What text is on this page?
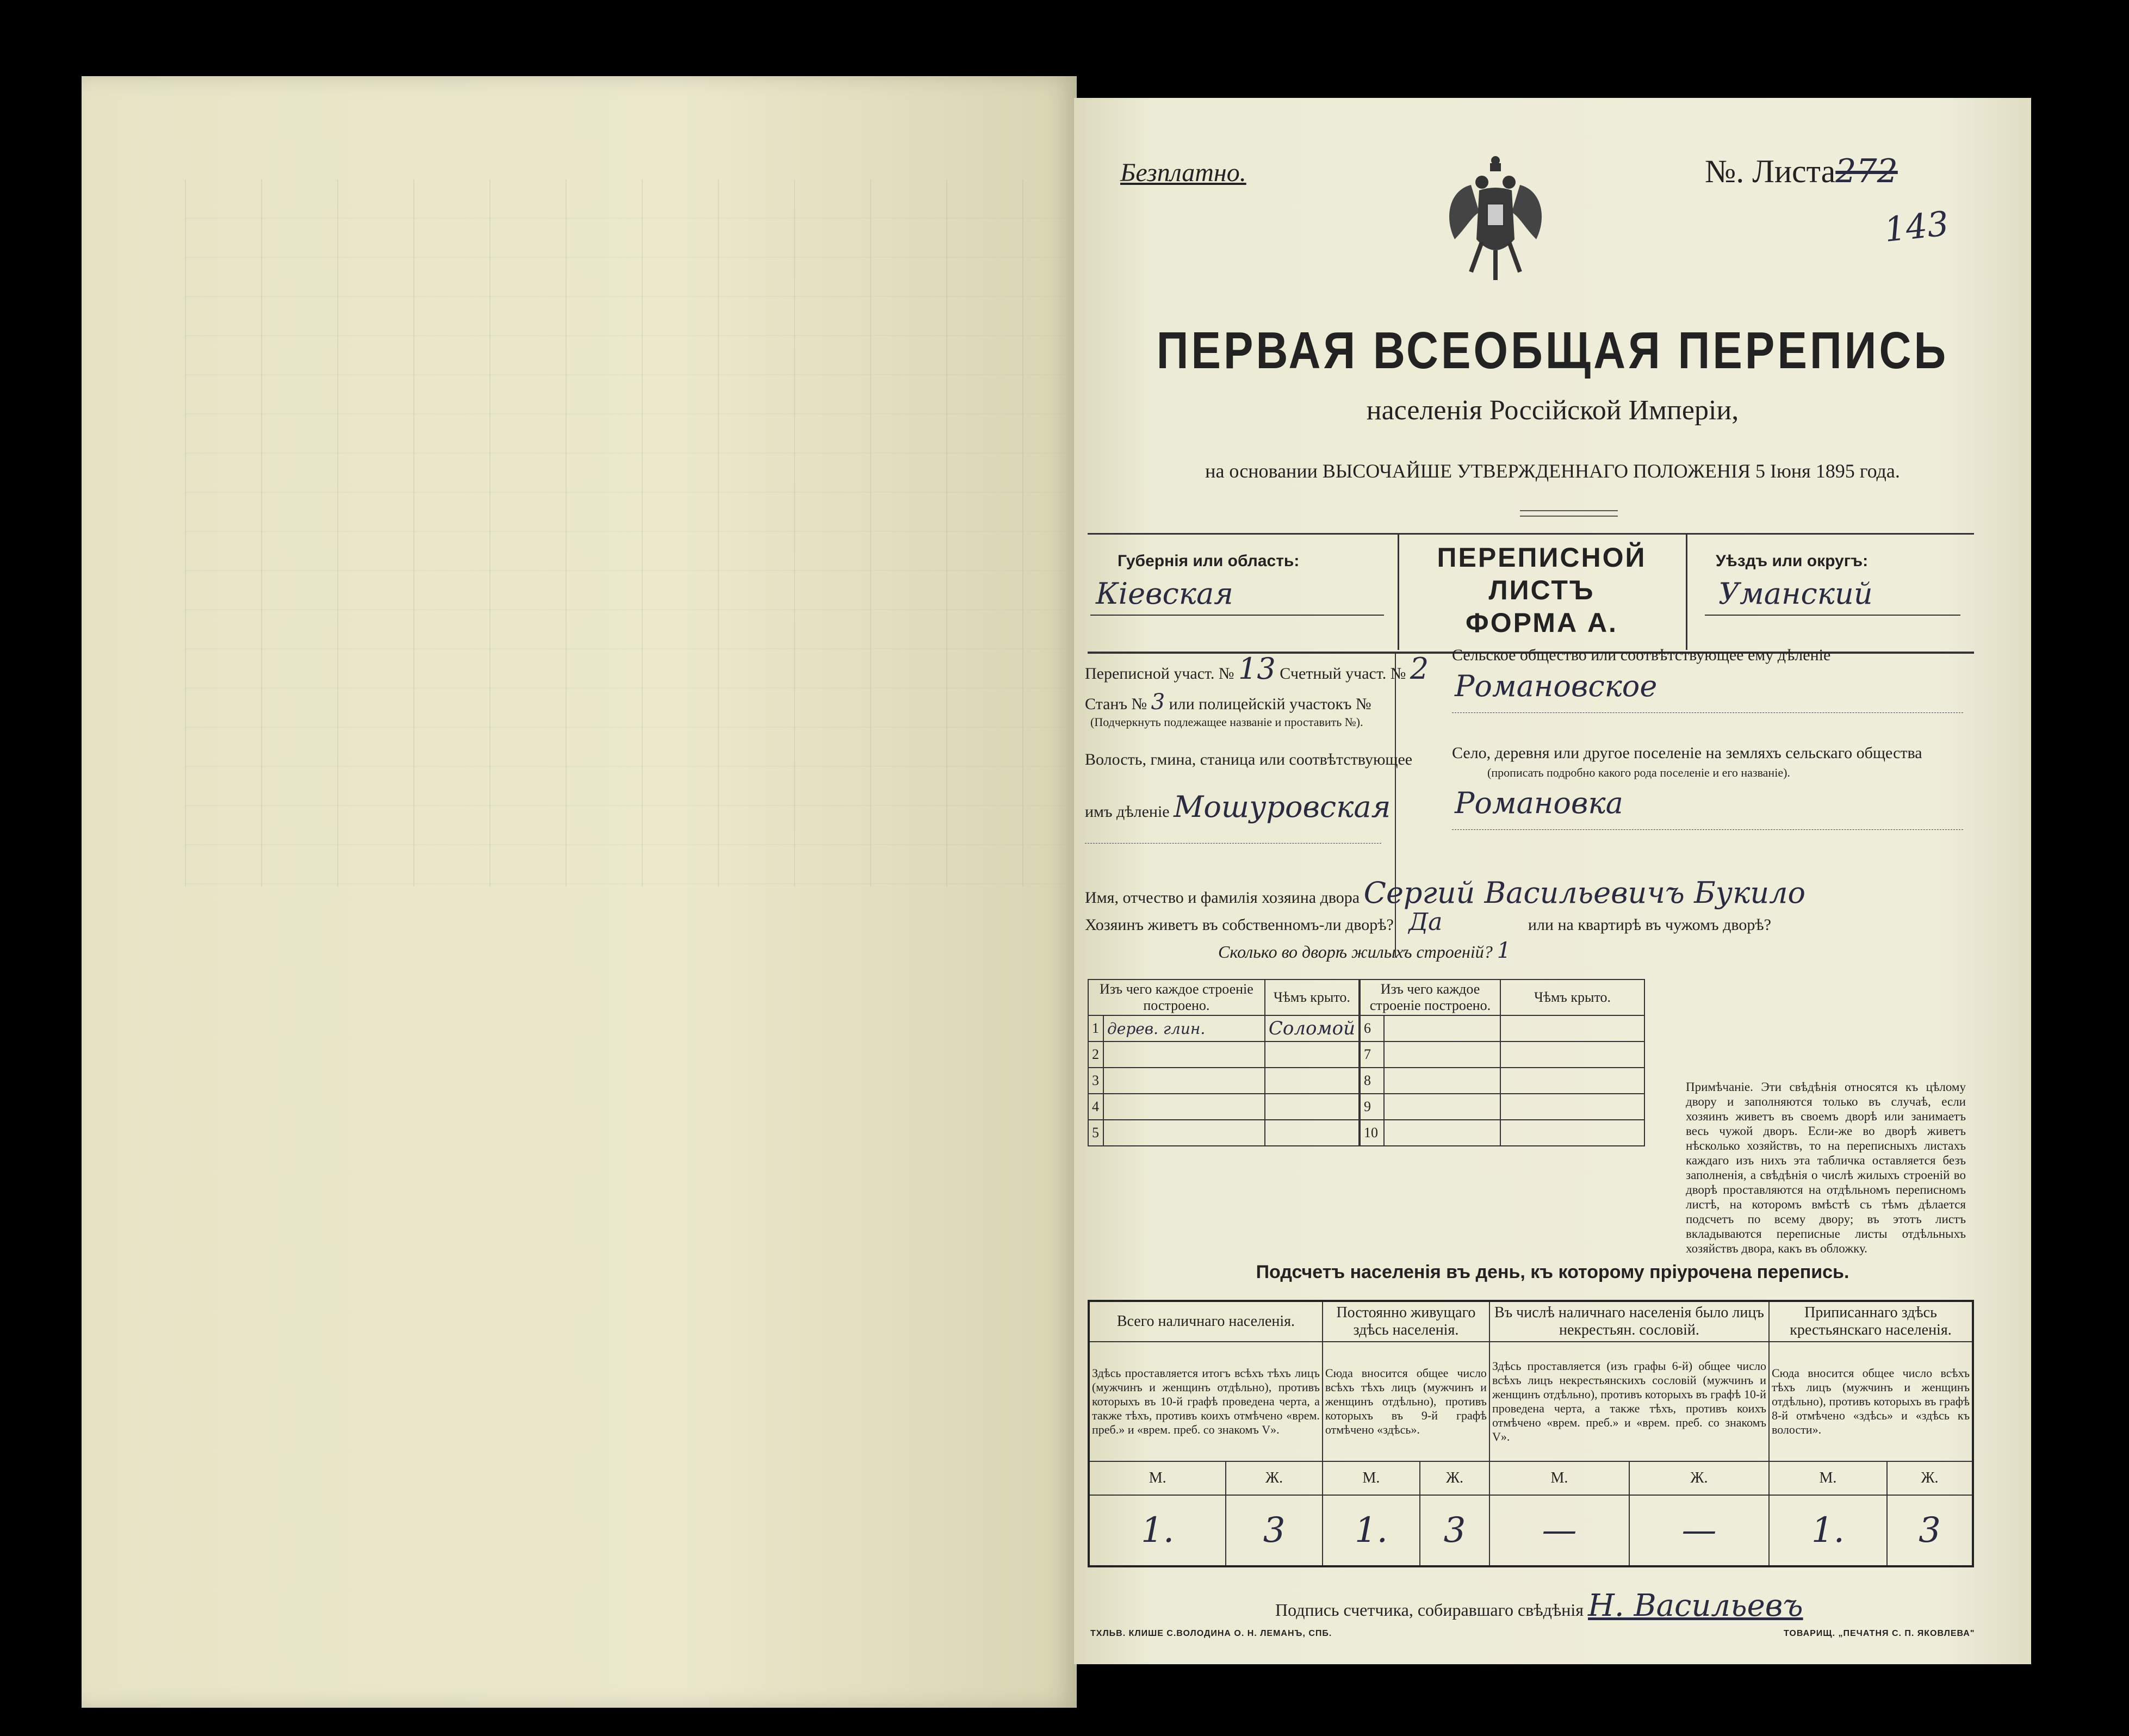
Безплатно.	№. Листа272
143
ПЕРВАЯ ВСЕОБЩАЯ ПЕРЕПИСЬ
населенія Россійской Имперіи,
на основании ВЫСОЧАЙШЕ УТВЕРЖДЕННАГО ПОЛОЖЕНІЯ 5 Іюня 1895 года.
Губернія или область:
Кіевская
ПЕРЕПИСНОЙ ЛИСТЪ
ФОРМА А.
Уѣздъ или округъ:
Уманский
Переписной участ. № 13 Счетный участ. № 2
Станъ № 3 или полицейскій участокъ №
(Подчеркнуть подлежащее названіе и проставить №).
Волость, гмина, станица или соотвѣтствующее
имъ дѣленіе Мошуровская
Сельское общество или соотвѣтствующее ему дѣленіе
Романовское
Село, деревня или другое поселеніе на земляхъ сельскаго общества
(прописать подробно какого рода поселеніе и его названіе).
Романовка
Имя, отчество и фамилія хозяина двора Сергий Васильевичъ Букило
Хозяинъ живетъ въ собственномъ-ли дворѣ? Да	или на квартирѣ въ чужомъ дворѣ?
Сколько во дворѣ жилыхъ строеній? 1
Изъ чего каждое строеніе построено.		Чѣмъ крыто.
1	дерев. глин.	Соломой
2		
3		
4		
5		
Изъ чего каждое строеніе построено.		Чѣмъ крыто.
6		
7		
8		
9		
10		
Примѣчаніе. Эти свѣдѣнія относятся къ цѣлому двору и заполняются только въ случаѣ, если хозяинъ живетъ въ своемъ дворѣ или занимаетъ весь чужой дворъ. Если-же во дворѣ живетъ нѣсколько хозяйствъ, то на переписныхъ листахъ каждаго изъ нихъ эта табличка оставляется безъ заполненія, а свѣдѣнія о числѣ жилыхъ строеній во дворѣ проставляются на отдѣльномъ переписномъ листѣ, на которомъ вмѣстѣ съ тѣмъ дѣлается подсчетъ по всему двору; въ этотъ листъ вкладываются переписные листы отдѣльныхъ хозяйствъ двора, какъ въ обложку.
Подсчетъ населенія въ день, къ которому пріурочена перепись.
Всего наличнаго населенія.		Постоянно живущаго здѣсь населенія.		Въ числѣ наличнаго населенія было лицъ некрестьян. сословій.		Приписаннаго здѣсь крестьянскаго населенія.	
Здѣсь проставляется итогъ всѣхъ тѣхъ лицъ (мужчинъ и женщинъ отдѣльно), противъ которыхъ въ 10-й графѣ проведена черта, а также тѣхъ, противъ коихъ отмѣчено «врем. преб.» и «врем. преб. со знакомъ V».		Сюда вносится общее число всѣхъ тѣхъ лицъ (мужчинъ и женщинъ отдѣльно), противъ которыхъ въ 9-й графѣ отмѣчено «здѣсь».		Здѣсь проставляется (изъ графы 6-й) общее число всѣхъ лицъ некрестьянскихъ сословій (мужчинъ и женщинъ отдѣльно), противъ которыхъ въ графѣ 10-й проведена черта, а также тѣхъ, противъ коихъ отмѣчено «врем. преб.» и «врем. преб. со знакомъ V».		Сюда вносится общее число всѣхъ тѣхъ лицъ (мужчинъ и женщинъ отдѣльно), противъ которыхъ въ графѣ 8-й отмѣчено «здѣсь» и «здѣсь къ волости».	
М.	Ж.	М.	Ж.	М.	Ж.	М.	Ж.
1.	3	1.	3	—	—	1.	3
Подпись счетчика, собиравшаго свѣдѣнія Н. Васильевъ
ТХЛЬВ. КЛИШЕ С.ВОЛОДИНА О. Н. ЛЕМАНЪ, СПБ.	ТОВАРИЩ. „ПЕЧАТНЯ С. П. ЯКОВЛЕВА"
